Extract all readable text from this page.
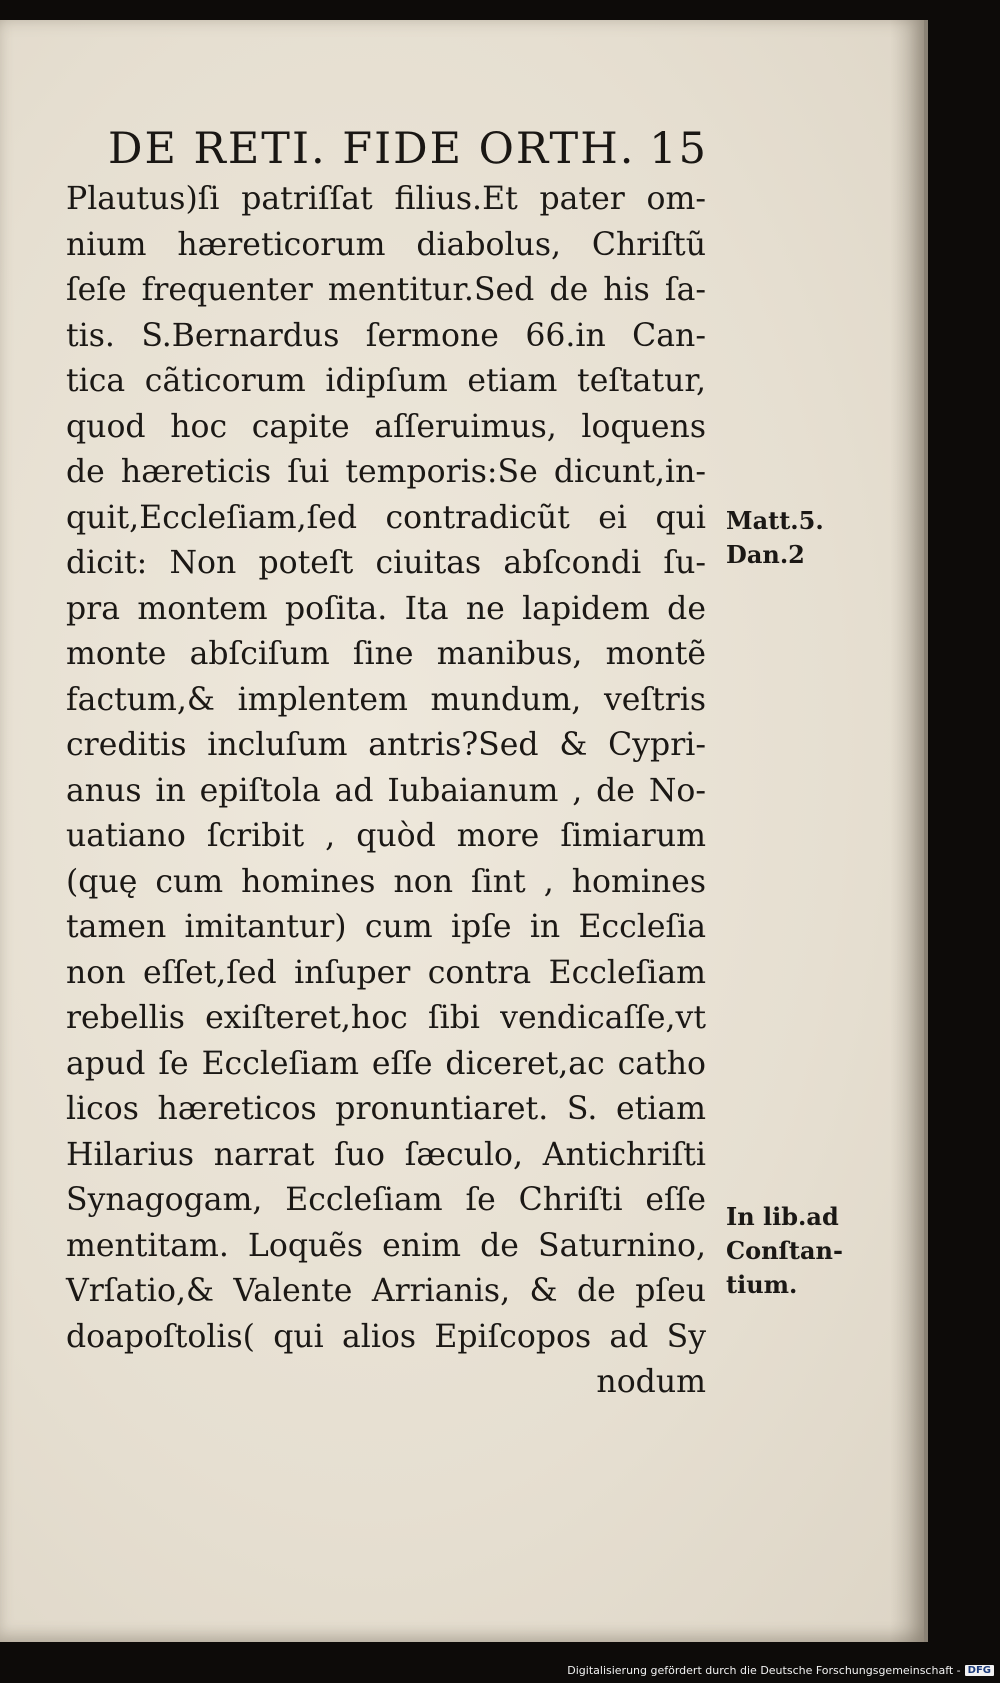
DE RETI. FIDE ORTH. 15
Plautus)ſi patriſſat filius.Et pater om-
nium hæreticorum diabolus, Chriſtũ
ſeſe frequenter mentitur.Sed de his ſa-
tis. S.Bernardus ſermone 66.in Can-
tica cãticorum idipſum etiam teſtatur,
quod hoc capite aſſeruimus, loquens
de hæreticis ſui temporis:Se dicunt,in-
quit,Eccleſiam,ſed contradicũt ei qui
dicit: Non poteſt ciuitas abſcondi ſu-
pra montem poſita. Ita ne lapidem de
monte abſciſum ſine manibus, montẽ
factum,& implentem mundum, veſtris
creditis incluſum antris?Sed & Cypri-
anus in epiſtola ad Iubaianum , de No-
uatiano ſcribit , quòd more ſimiarum
(quę cum homines non ſint , homines
tamen imitantur) cum ipſe in Eccleſia
non eſſet,ſed inſuper contra Eccleſiam
rebellis exiſteret,hoc ſibi vendicaſſe,vt
apud ſe Eccleſiam eſſe diceret,ac catho
licos hæreticos pronuntiaret. S. etiam
Hilarius narrat ſuo ſæculo, Antichriſti
Synagogam, Eccleſiam ſe Chriſti eſſe
mentitam. Loquẽs enim de Saturnino,
Vrſatio,& Valente Arrianis, & de pſeu
doapoſtolis( qui alios Epiſcopos ad Sy
nodum
Matt.5.
Dan.2
In lib.ad
Conſtan-
tium.
Digitalisierung gefördert durch die Deutsche Forschungsgemeinschaft - DFG
